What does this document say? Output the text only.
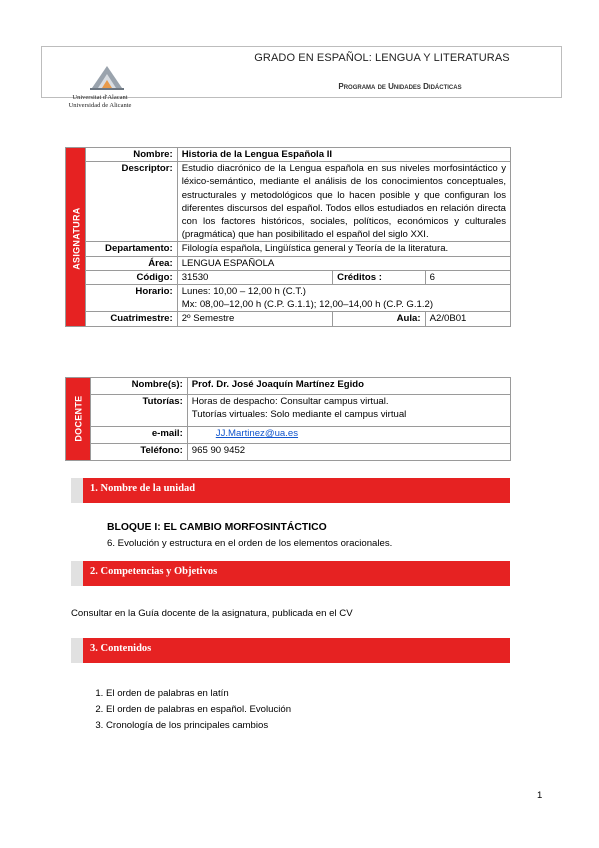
GRADO EN ESPAÑOL: LENGUA Y LITERATURAS
Programa de Unidades Didácticas
Universitat d'Alacant
Universidad de Alicante
ASIGNATURA	Nombre:	Historia de la Lengua Española II		
	Descriptor:	Estudio diacrónico de la Lengua española en sus niveles morfosintáctico y léxico-semántico, mediante el análisis de los conocimientos conceptuales, estructurales y metodológicos que lo hacen posible y que configuran los diferentes discursos del español. Todos ellos estudiados en relación directa con los factores históricos, sociales, políticos, económicos y culturales (pragmática) que han posibilitado el español del siglo XXI.		
	Departamento:	Filología española, Lingüística general y Teoría de la literatura.		
	Área:	LENGUA ESPAÑOLA		
	Código:	31530	Créditos :	6
	Horario:	Lunes: 10,00 – 12,00 h (C.T.)
Mx: 08,00–12,00 h (C.P. G.1.1); 12,00–14,00 h (C.P. G.1.2)		

	Cuatrimestre:	2º Semestre	Aula:	A2/0B01
DOCENTE	Nombre(s):	Prof. Dr. José Joaquín Martínez Egido
	Tutorías:	Horas de despacho: Consultar campus virtual.
Tutorías virtuales: Solo mediante el campus virtual

	e-mail:	JJ.Martinez@ua.es
	Teléfono:	965 90 9452
1. Nombre de la unidad
BLOQUE I: EL CAMBIO MORFOSINTÁCTICO
6. Evolución y estructura en el orden de los elementos oracionales.
2. Competencias y Objetivos
Consultar en la Guía docente de la asignatura, publicada en el CV
3. Contenidos
1. El orden de palabras en latín
2. El orden de palabras en español. Evolución
3. Cronología de los principales cambios
1
